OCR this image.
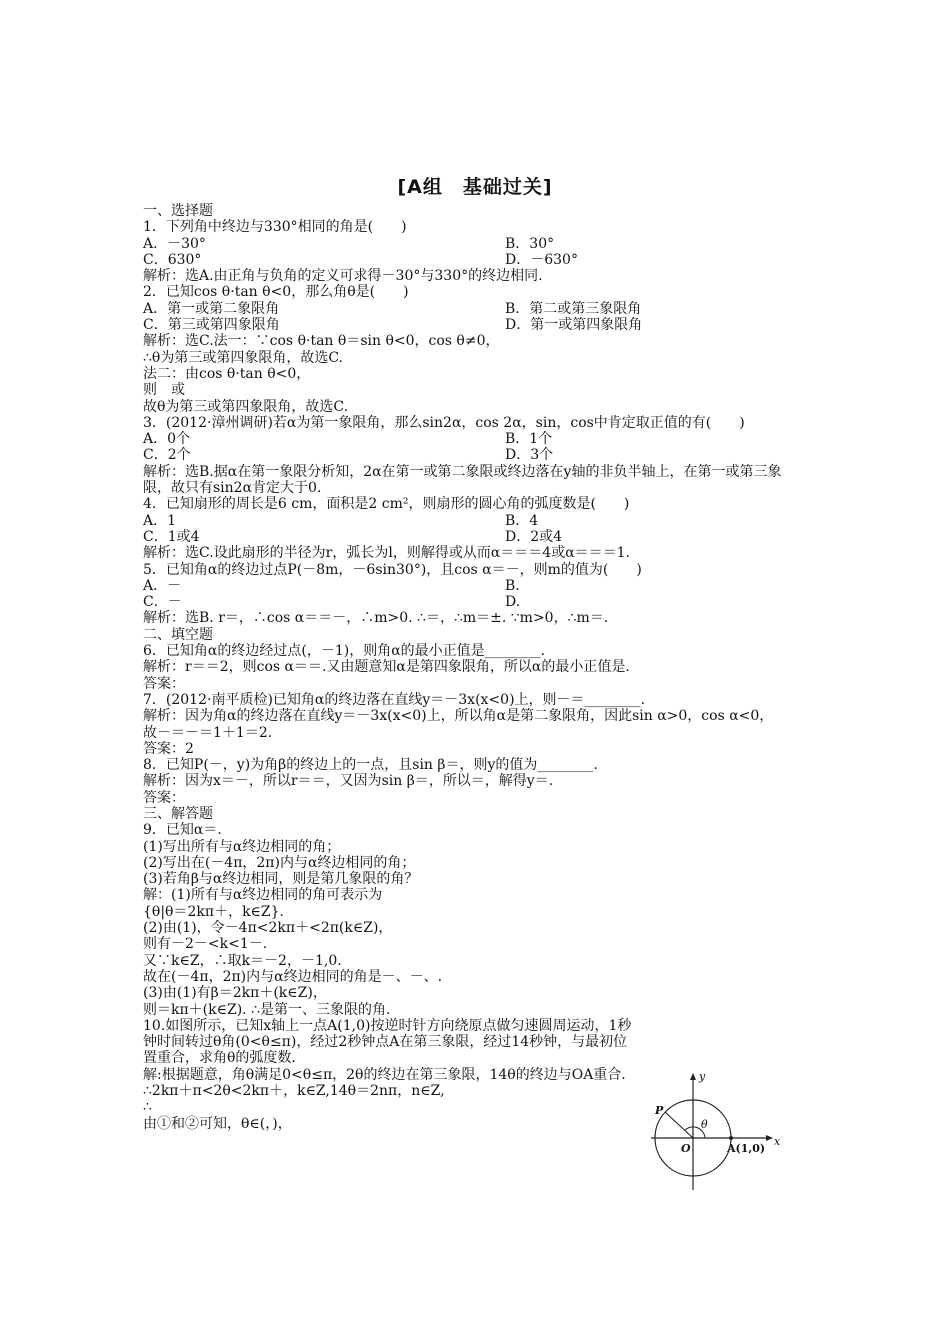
[A组　基础过关]
一、选择题
1．下列角中终边与330°相同的角是(　　)
A．－30°	B．30°
C．630°	D．－630°
解析：选A.由正角与负角的定义可求得－30°与330°的终边相同.
2．已知cos θ·tan θ<0，那么角θ是(　　)
A．第一或第二象限角	B．第二或第三象限角
C．第三或第四象限角	D．第一或第四象限角
解析：选C.法一：∵cos θ·tan θ＝sin θ<0，cos θ≠0，
∴θ为第三或第四象限角，故选C.
法二：由cos θ·tan θ<0，
则　或
故θ为第三或第四象限角，故选C.
3．(2012·漳州调研)若α为第一象限角，那么sin2α，cos 2α，sin，cos中肯定取正值的有(　　)
A．0个	B．1个
C．2个	D．3个
解析：选B.据α在第一象限分析知，2α在第一或第二象限或终边落在y轴的非负半轴上，在第一或第三象限，故只有sin2α肯定大于0.
4．已知扇形的周长是6 cm，面积是2 cm²，则扇形的圆心角的弧度数是(　　)
A．1	B．4
C．1或4	D．2或4
解析：选C.设此扇形的半径为r，弧长为l，则解得或从而α＝＝＝4或α＝＝＝1.
5．已知角α的终边过点P(－8m，－6sin30°)，且cos α＝－，则m的值为(　　)
A．－	B.
C．－	D.
解析：选B. r＝，∴cos α＝＝－，∴m>0. ∴＝，∴m＝±. ∵m>0，∴m＝.
二、填空题
6．已知角α的终边经过点(，－1)，则角α的最小正值是________.
解析：r＝＝2，则cos α＝＝.又由题意知α是第四象限角，所以α的最小正值是.
答案：
7．(2012·南平质检)已知角α的终边落在直线y＝－3x(x<0)上，则－＝________.
解析：因为角α的终边落在直线y＝－3x(x<0)上，所以角α是第二象限角，因此sin α>0，cos α<0，
故－＝－＝1＋1＝2.
答案：2
8．已知P(－，y)为角β的终边上的一点，且sin β＝，则y的值为________.
解析：因为x＝－，所以r＝＝，又因为sin β＝，所以＝，解得y＝.
答案：
三、解答题
9．已知α＝.
(1)写出所有与α终边相同的角；
(2)写出在(－4π，2π)内与α终边相同的角；
(3)若角β与α终边相同，则是第几象限的角？
解：(1)所有与α终边相同的角可表示为
{θ|θ＝2kπ＋，k∈Z}.
(2)由(1)，令－4π<2kπ＋<2π(k∈Z)，
则有－2－<k<1－.
又∵k∈Z，∴取k＝－2，－1,0.
故在(－4π，2π)内与α终边相同的角是－、－、.
(3)由(1)有β＝2kπ＋(k∈Z)，
则＝kπ＋(k∈Z). ∴是第一、三象限的角.
10.如图所示，已知x轴上一点A(1,0)按逆时针方向绕原点做匀速圆周运动，1秒钟时间转过θ角(0<θ≤π)，经过2秒钟点A在第三象限，经过14秒钟，与最初位置重合，求角θ的弧度数.
解:根据题意，角θ满足0<θ≤π，2θ的终边在第三象限，14θ的终边与OA重合.
∴2kπ＋π<2θ<2kπ＋，k∈Z,14θ＝2nπ，n∈Z,
∴
由①和②可知，θ∈(，)，
y
x
P
O
θ
A(1,0)
